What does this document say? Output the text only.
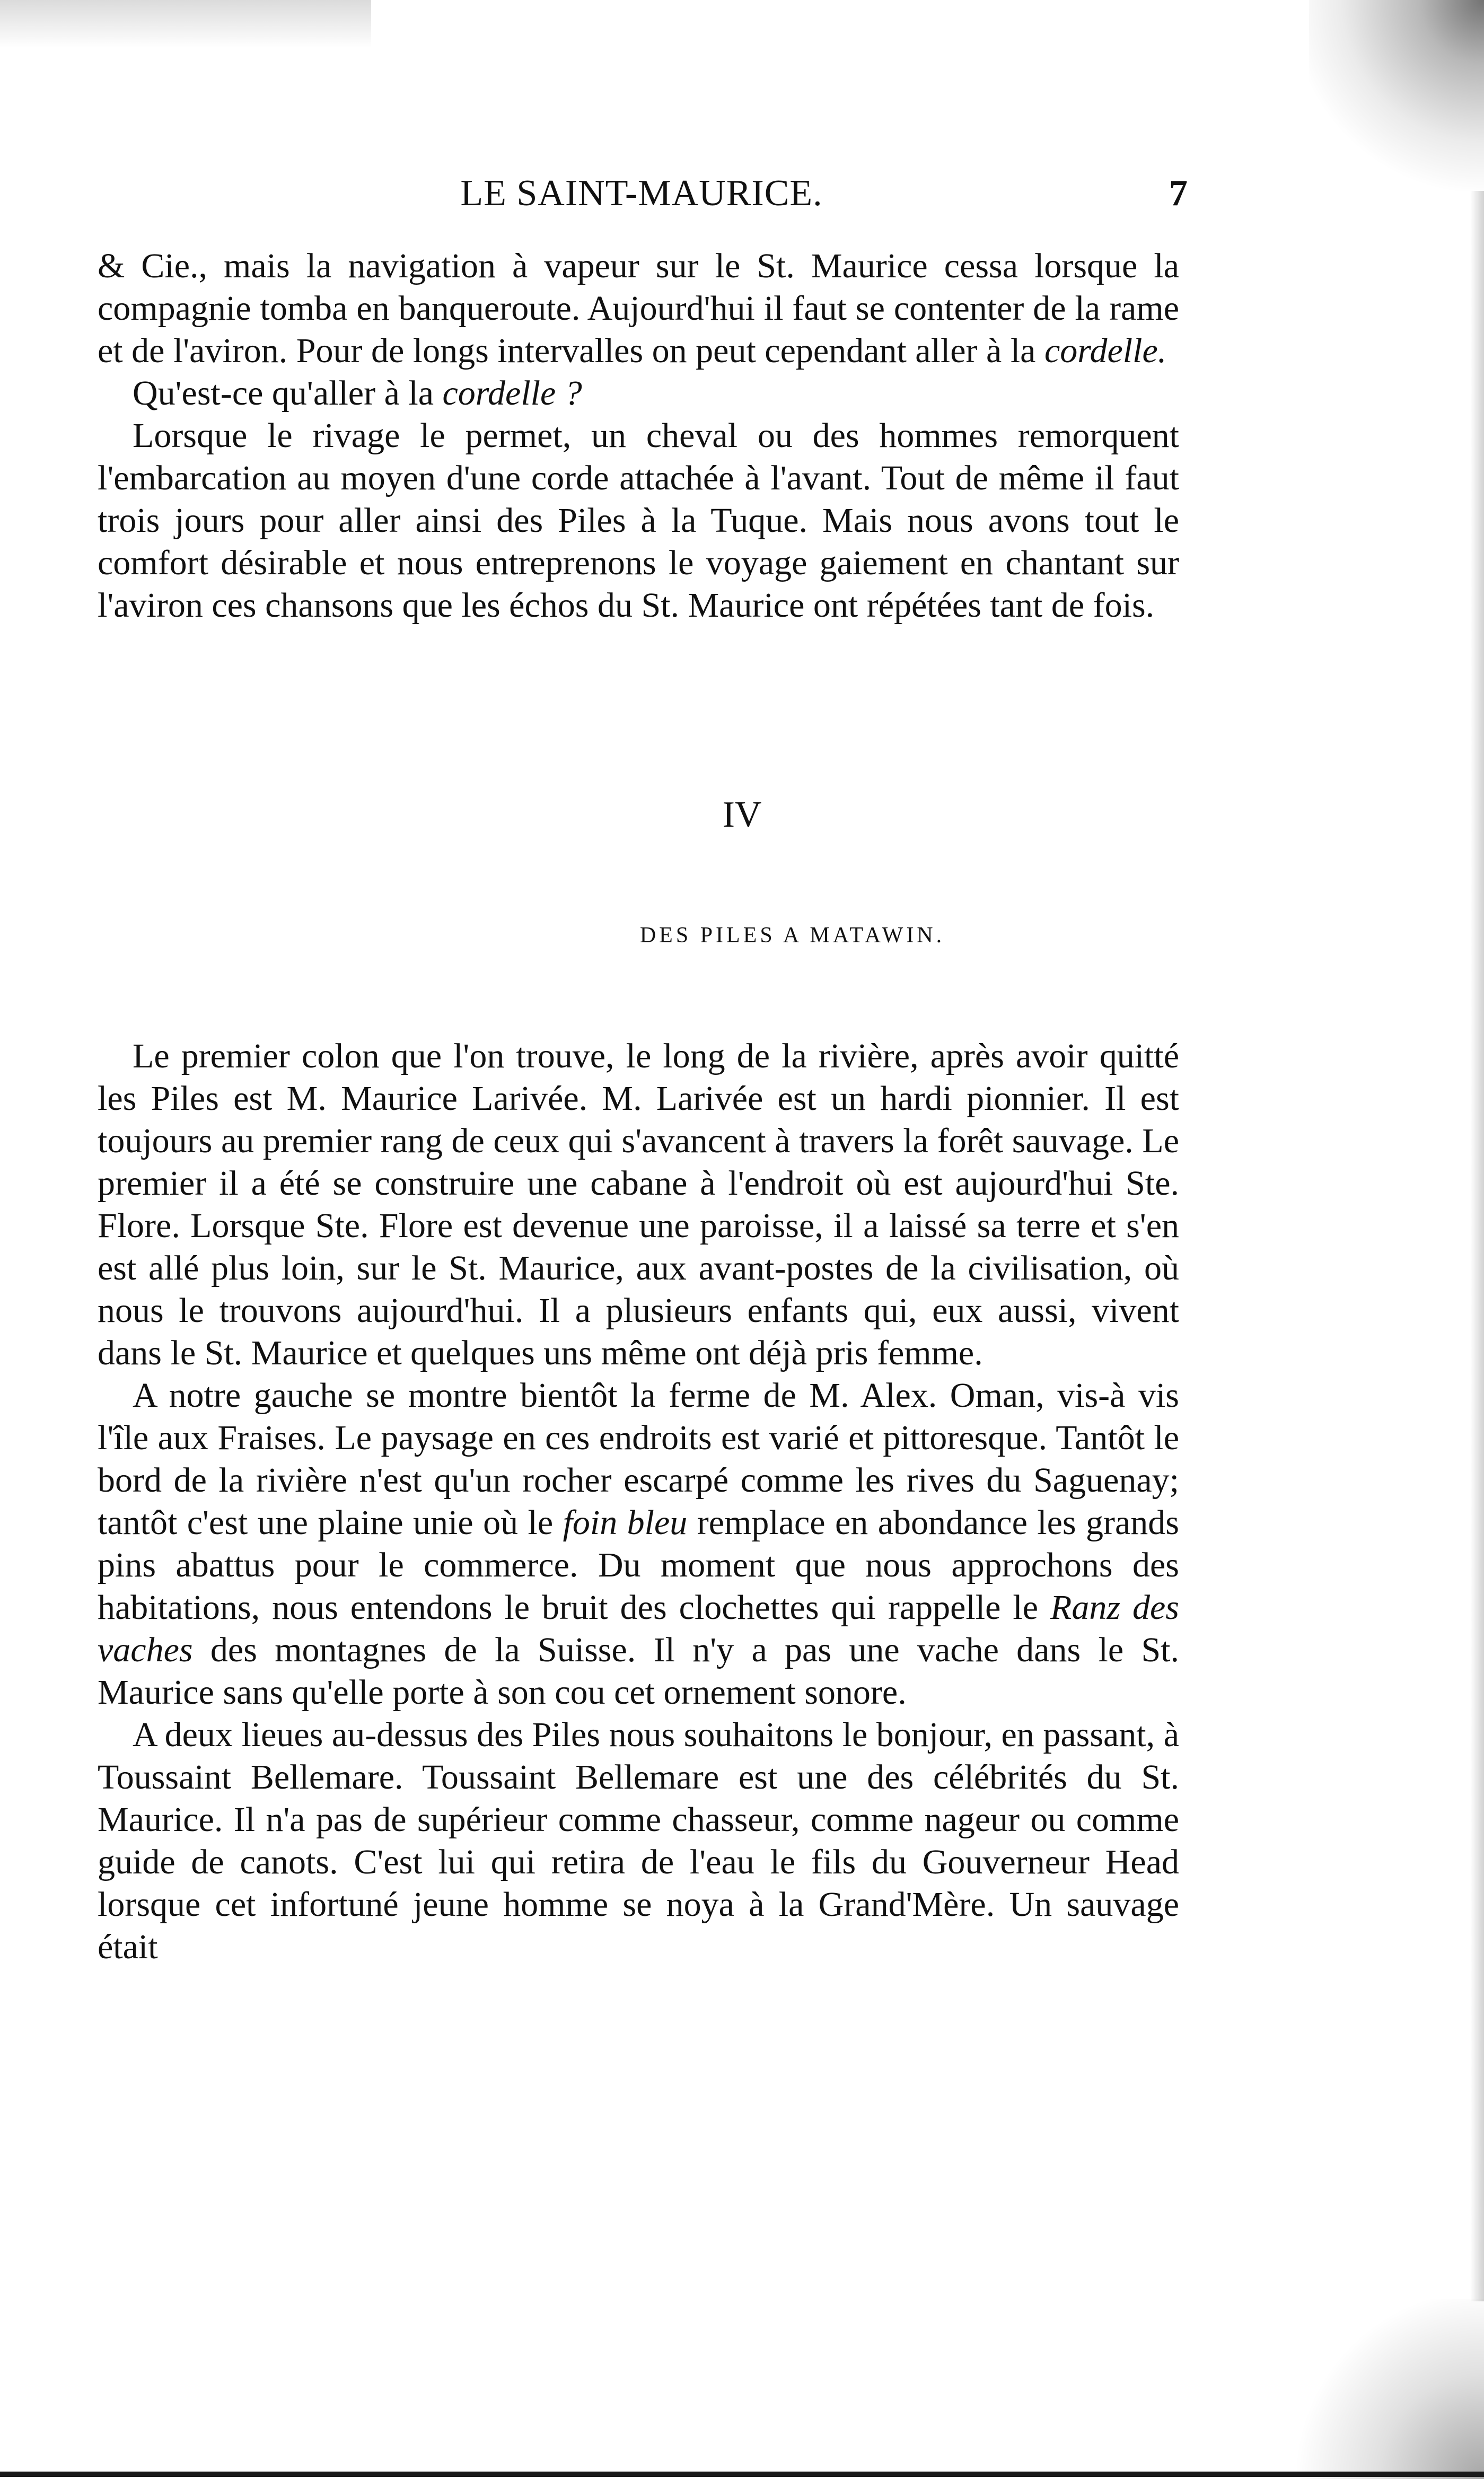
LE SAINT-MAURICE.	7

& Cie., mais la navigation à vapeur sur le St. Maurice cessa lorsque la compagnie tomba en banqueroute. Aujourd'hui il faut se contenter de la rame et de l'aviron. Pour de longs intervalles on peut cependant aller à la cordelle.

Qu'est-ce qu'aller à la cordelle ?

Lorsque le rivage le permet, un cheval ou des hommes remorquent l'embarcation au moyen d'une corde attachée à l'avant. Tout de même il faut trois jours pour aller ainsi des Piles à la Tuque. Mais nous avons tout le comfort désirable et nous entreprenons le voyage gaiement en chantant sur l'aviron ces chansons que les échos du St. Maurice ont répétées tant de fois.

IV
DES PILES A MATAWIN.

Le premier colon que l'on trouve, le long de la rivière, après avoir quitté les Piles est M. Maurice Larivée. M. Larivée est un hardi pionnier. Il est toujours au premier rang de ceux qui s'avancent à travers la forêt sauvage. Le premier il a été se construire une cabane à l'endroit où est aujourd'hui Ste. Flore. Lorsque Ste. Flore est devenue une paroisse, il a laissé sa terre et s'en est allé plus loin, sur le St. Maurice, aux avant-postes de la civilisation, où nous le trouvons aujourd'hui. Il a plusieurs enfants qui, eux aussi, vivent dans le St. Maurice et quelques uns même ont déjà pris femme.

A notre gauche se montre bientôt la ferme de M. Alex. Oman, vis-à vis l'île aux Fraises. Le paysage en ces endroits est varié et pittoresque. Tantôt le bord de la rivière n'est qu'un rocher escarpé comme les rives du Saguenay; tantôt c'est une plaine unie où le foin bleu remplace en abondance les grands pins abattus pour le commerce. Du moment que nous approchons des habitations, nous entendons le bruit des clochettes qui rappelle le Ranz des vaches des montagnes de la Suisse. Il n'y a pas une vache dans le St. Maurice sans qu'elle porte à son cou cet ornement sonore.

A deux lieues au-dessus des Piles nous souhaitons le bonjour, en passant, à Toussaint Bellemare. Toussaint Bellemare est une des célébrités du St. Maurice. Il n'a pas de supérieur comme chasseur, comme nageur ou comme guide de canots. C'est lui qui retira de l'eau le fils du Gouverneur Head lorsque cet infortuné jeune homme se noya à la Grand'Mère. Un sauvage était
